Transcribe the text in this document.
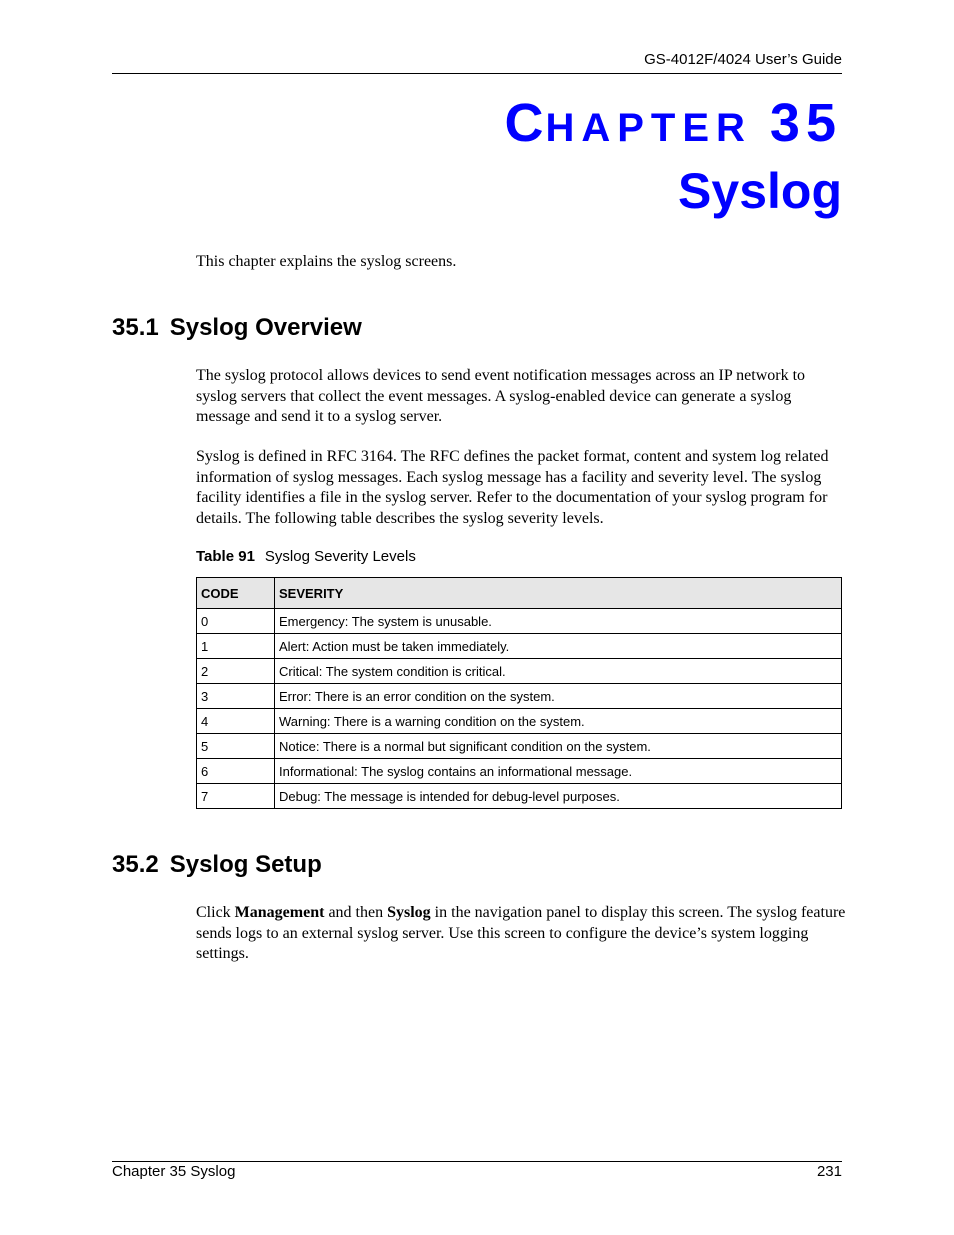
GS-4012F/4024 User’s Guide
CHAPTER 35
Syslog
This chapter explains the syslog screens.
35.1 Syslog Overview
The syslog protocol allows devices to send event notification messages across an IP network to syslog servers that collect the event messages. A syslog-enabled device can generate a syslog message and send it to a syslog server.
Syslog is defined in RFC 3164. The RFC defines the packet format, content and system log related information of syslog messages. Each syslog message has a facility and severity level. The syslog facility identifies a file in the syslog server. Refer to the documentation of your syslog program for details. The following table describes the syslog severity levels.
Table 91 Syslog Severity Levels
CODE	SEVERITY
0	Emergency: The system is unusable.
1	Alert: Action must be taken immediately.
2	Critical: The system condition is critical.
3	Error: There is an error condition on the system.
4	Warning: There is a warning condition on the system.
5	Notice: There is a normal but significant condition on the system.
6	Informational: The syslog contains an informational message.
7	Debug: The message is intended for debug-level purposes.
35.2 Syslog Setup
Click Management and then Syslog in the navigation panel to display this screen. The syslog feature sends logs to an external syslog server. Use this screen to configure the device’s system logging settings.
Chapter 35 Syslog	231
